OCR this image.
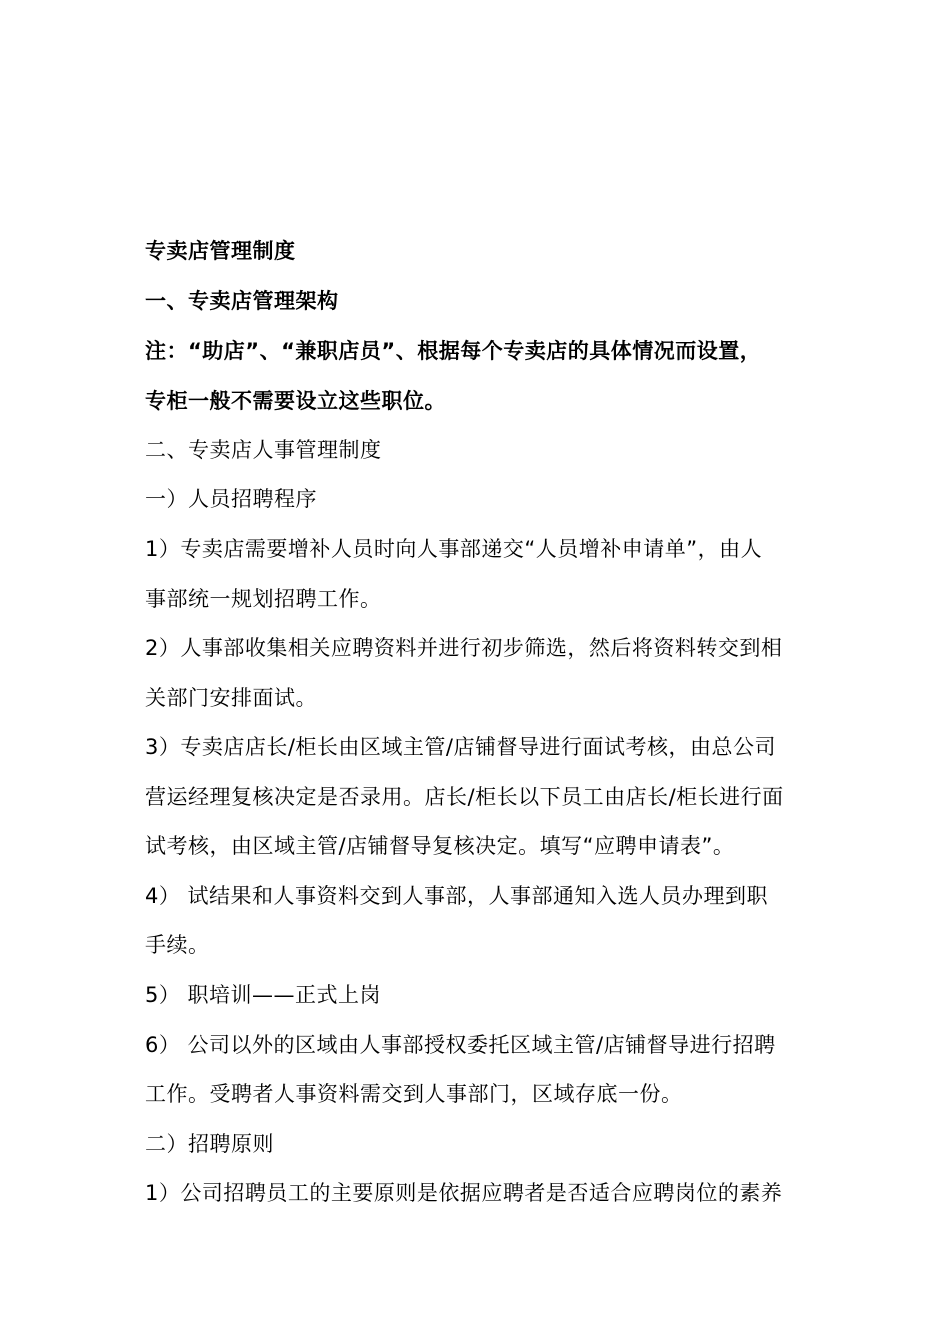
专卖店管理制度
一、专卖店管理架构
注：“助店”、“兼职店员”、根据每个专卖店的具体情况而设置，
专柜一般不需要设立这些职位。
二、专卖店人事管理制度
一）人员招聘程序
1）专卖店需要增补人员时向人事部递交“人员增补申请单”，由人
事部统一规划招聘工作。
2）人事部收集相关应聘资料并进行初步筛选，然后将资料转交到相
关部门安排面试。
3）专卖店店长/柜长由区域主管/店铺督导进行面试考核，由总公司
营运经理复核决定是否录用。店长/柜长以下员工由店长/柜长进行面
试考核，由区域主管/店铺督导复核决定。填写“应聘申请表”。
4） 试结果和人事资料交到人事部，人事部通知入选人员办理到职
手续。
5） 职培训——正式上岗
6） 公司以外的区域由人事部授权委托区域主管/店铺督导进行招聘
工作。受聘者人事资料需交到人事部门，区域存底一份。
二）招聘原则
1）公司招聘员工的主要原则是依据应聘者是否适合应聘岗位的素养
